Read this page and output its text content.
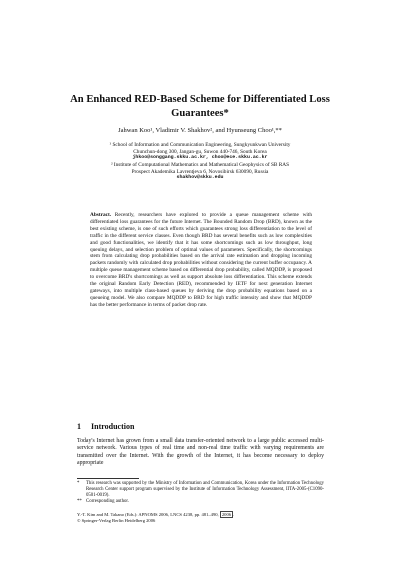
An Enhanced RED-Based Scheme for Differentiated Loss Guarantees*
Jahwan Koo¹, Vladimir V. Shakhov², and Hyunseung Choo¹,**
¹ School of Information and Communication Engineering, Sungkyunkwan University
Chunchun-dong 300, Jangan-gu, Suwon 440-746, South Korea
jhkoo@songgang.skku.ac.kr, choo@ece.skku.ac.kr
² Institute of Computational Mathematics and Mathematical Geophysics of SB RAS
Prospect Akademika Lavrentjeva 6, Novosibirsk 630090, Russia
shakhov@skku.edu
Abstract. Recently, researchers have explored to provide a queue management scheme with differentiated loss guarantees for the future Internet. The Bounded Random Drop (BRD), known as the best existing scheme, is one of such efforts which guarantees strong loss differentiation to the level of traffic in the different service classes. Even though BRD has several benefits such as low complexities and good functionalities, we identify that it has some shortcomings such as low throughput, long queuing delays, and selection problem of optimal values of parameters. Specifically, the shortcomings stem from calculating drop probabilities based on the arrival rate estimation and dropping incoming packets randomly with calculated drop probabilities without considering the current buffer occupancy. A multiple queue management scheme based on differential drop probability, called MQDDP, is proposed to overcome BRD's shortcomings as well as support absolute loss differentiation. This scheme extends the original Random Early Detection (RED), recommended by IETF for next generation Internet gateways, into multiple class-based queues by deriving the drop probability equations based on a queueing model. We also compare MQDDP to BRD for high traffic intensity and show that MQDDP has the better performance in terms of packet drop rate.
1 Introduction
Today's Internet has grown from a small data transfer-oriented network to a large public accessed multi-service network. Various types of real time and non-real time traffic with varying requirements are transmitted over the Internet. With the growth of the Internet, it has become necessary to deploy appropriate
*	This research was supported by the Ministry of Information and Communication, Korea under the Information Technology Research Center support program supervised by the Institute of Information Technology Assessment, IITA-2005-(C1090-0501-0019).
** Corresponding author.
Y.-T. Kim and M. Takano (Eds.): APNOMS 2006, LNCS 4238, pp. 481–490, 2006 .
© Springer-Verlag Berlin Heidelberg 2006
